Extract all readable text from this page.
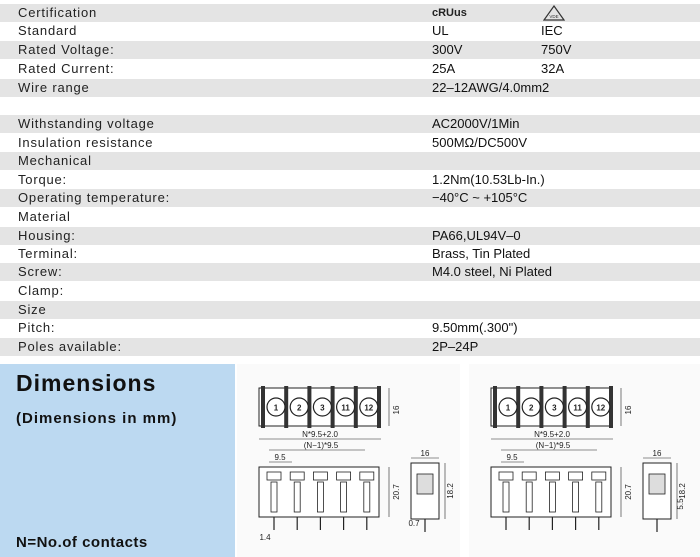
Certification	cRUus	VDE
Standard	UL	IEC
Rated Voltage:	300V	750V
Rated Current:	25A	32A
Wire range	22–12AWG/4.0mm2
Withstanding voltage	AC2000V/1Min
Insulation resistance	500MΩ/DC500V
Mechanical
Torque:	1.2Nm(10.53Lb-In.)
Operating temperature:	−40°C ~ +105°C
Material
Housing:	PA66,UL94V–0
Terminal:	Brass, Tin Plated
Screw:	M4.0 steel, Ni Plated
Clamp:
Size
Pitch:	9.50mm(.300")
Poles available:	2P–24P
Dimensions
(Dimensions in mm)
N=No.of contacts
1 2 3 11 12 16
N*9.5+2.0
(N−1)*9.5
9.5
20.7
1.4
0.7
16
18.2
1 2 3 11 12 16
N*9.5+2.0
(N−1)*9.5
9.5
20.7
5.5
16
18.2
